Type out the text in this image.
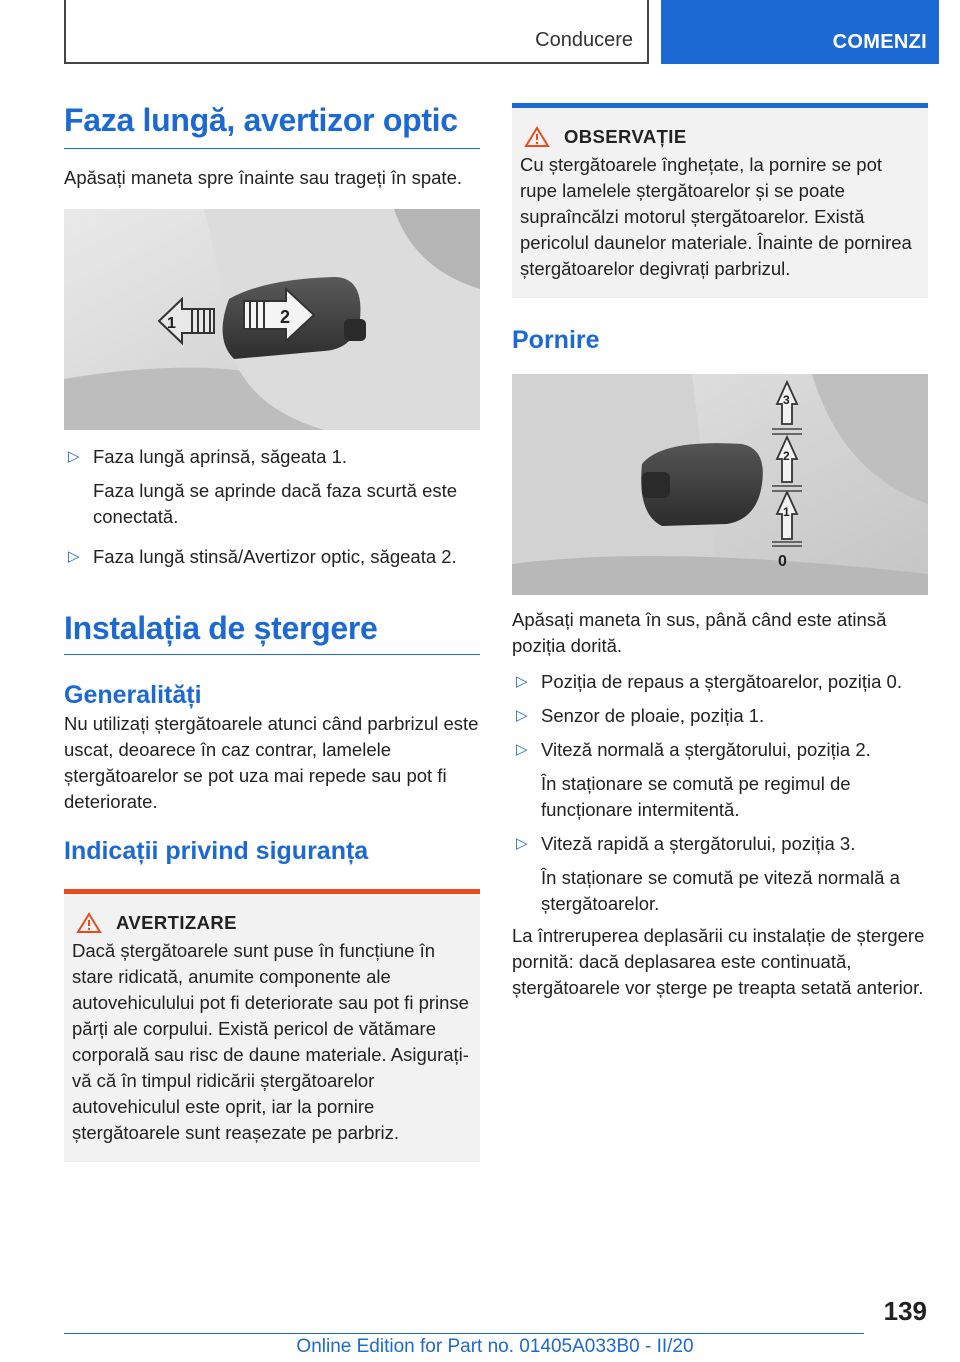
Conducere	COMENZI
Faza lungă, avertizor optic
Apăsați maneta spre înainte sau trageți în spate.
1	2
▷ Faza lungă aprinsă, săgeata 1.
Faza lungă se aprinde dacă faza scurtă este conectată.
▷ Faza lungă stinsă/Avertizor optic, săgeata 2.
Instalația de ștergere
Generalități
Nu utilizați ștergătoarele atunci când parbrizul este uscat, deoarece în caz contrar, lamelele ștergătoarelor se pot uza mai repede sau pot fi deteriorate.
Indicații privind siguranța
AVERTIZARE
Dacă ștergătoarele sunt puse în funcțiune în stare ridicată, anumite componente ale autovehiculului pot fi deteriorate sau pot fi prinse părți ale corpului. Există pericol de vătămare corporală sau risc de daune materiale. Asigurați-vă că în timpul ridicării ștergătoarelor autovehiculul este oprit, iar la pornire ștergătoarele sunt reașezate pe parbriz.
OBSERVAȚIE
Cu ștergătoarele înghețate, la pornire se pot rupe lamelele ștergătoarelor și se poate supraîncălzi motorul ștergătoarelor. Există pericolul daunelor materiale. Înainte de pornirea ștergătoarelor degivrați parbrizul.
Pornire
3
2
1
0
Apăsați maneta în sus, până când este atinsă poziția dorită.
▷ Poziția de repaus a ștergătoarelor, poziția 0.
▷ Senzor de ploaie, poziția 1.
▷ Viteză normală a ștergătorului, poziția 2.
În staționare se comută pe regimul de funcționare intermitentă.
▷ Viteză rapidă a ștergătorului, poziția 3.
În staționare se comută pe viteză normală a ștergătoarelor.
La întreruperea deplasării cu instalație de ștergere pornită: dacă deplasarea este continuată, ștergătoarele vor șterge pe treapta setată anterior.
139
Online Edition for Part no. 01405A033B0 - II/20
